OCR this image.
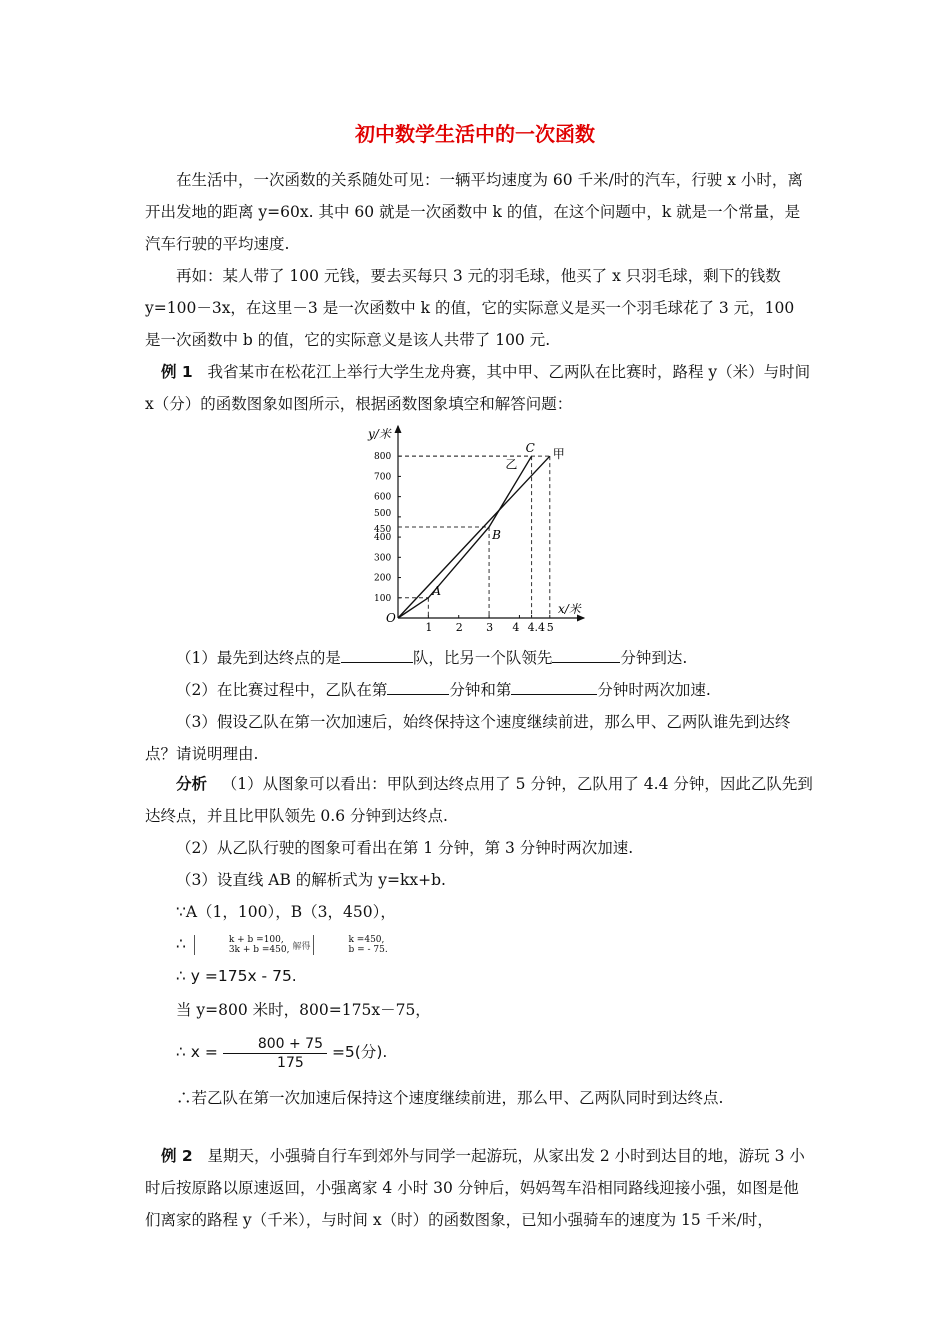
初中数学生活中的一次函数

在生活中，一次函数的关系随处可见：一辆平均速度为 60 千米/时的汽车，行驶 x 小时，离开出发地的距离 y=60x. 其中 60 就是一次函数中 k 的值，在这个问题中，k 就是一个常量，是汽车行驶的平均速度.

再如：某人带了 100 元钱，要去买每只 3 元的羽毛球，他买了 x 只羽毛球，剩下的钱数 y=100－3x，在这里－3 是一次函数中 k 的值，它的实际意义是买一个羽毛球花了 3 元，100 是一次函数中 b 的值，它的实际意义是该人共带了 100 元.

例 1 我省某市在松花江上举行大学生龙舟赛，其中甲、乙两队在比赛时，路程 y（米）与时间 x（分）的函数图象如图所示，根据函数图象填空和解答问题：

x/米
y/米
O
1 2 3 4 4.4 5
100
200
300
400
450
500
600
700
800	甲
乙
A
B
C

（1）最先到达终点的是	队，比另一个队领先	分钟到达.

（2）在比赛过程中，乙队在第	分钟和第	分钟时两次加速.

（3）假设乙队在第一次加速后，始终保持这个速度继续前进，那么甲、乙两队谁先到达终点？请说明理由.

分析 （1）从图象可以看出：甲队到达终点用了 5 分钟，乙队用了 4.4 分钟，因此乙队先到达终点，并且比甲队领先 0.6 分钟到达终点.

（2）从乙队行驶的图象可看出在第 1 分钟，第 3 分钟时两次加速.

（3）设直线 AB 的解析式为 y=kx+b.

∵A（1，100），B（3，450），

∴	k + b =100,
3k + b =450, 解得
k =450,
b = - 75.

∴ y =175x - 75.

当 y=800 米时，800=175x－75，

∴ $x = \frac{800 + 75}{175} =5$(分).

∴若乙队在第一次加速后保持这个速度继续前进，那么甲、乙两队同时到达终点.

例 2 星期天，小强骑自行车到郊外与同学一起游玩，从家出发 2 小时到达目的地，游玩 3 小时后按原路以原速返回，小强离家 4 小时 30 分钟后，妈妈驾车沿相同路线迎接小强，如图是他们离家的路程 y（千米），与时间 x（时）的函数图象，已知小强骑车的速度为 15 千米/时，
